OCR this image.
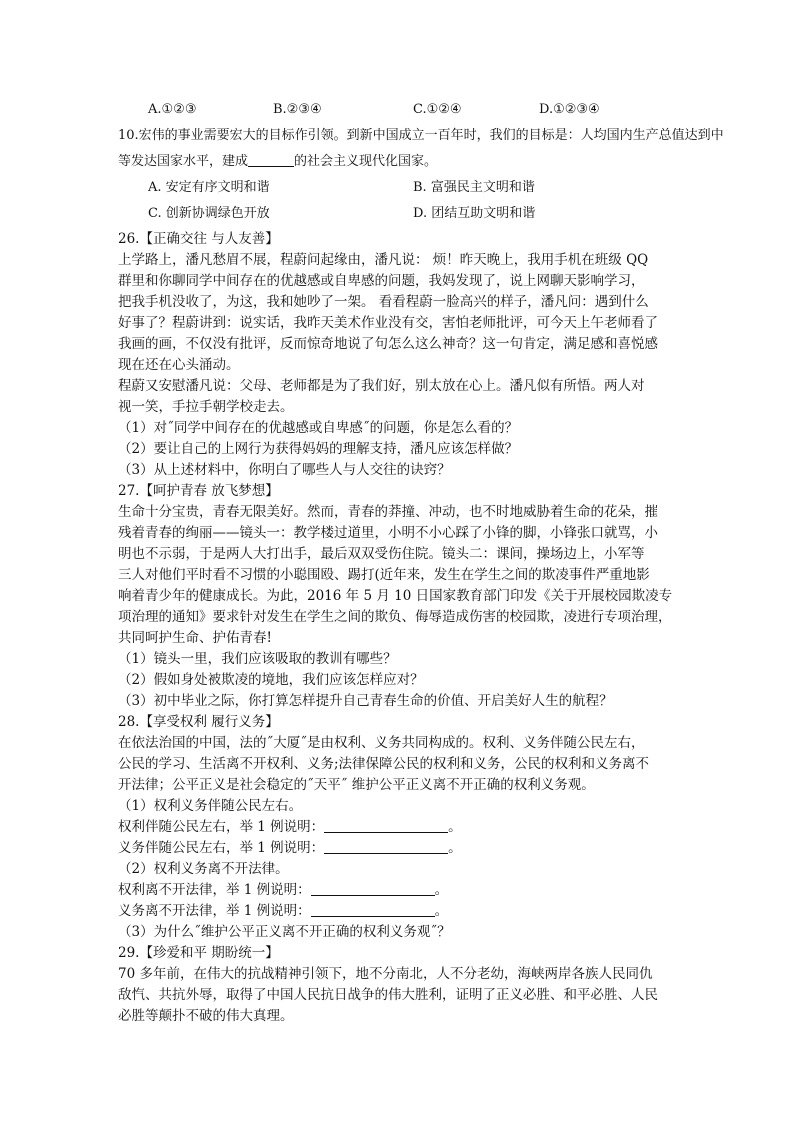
A.①②③	B.②③④	C.①②④	D.①②③④
10.宏伟的事业需要宏大的目标作引领。到新中国成立一百年时，我们的目标是：人均国内生产总值达到中
等发达国家水平，建成	的社会主义现代化国家。
A. 安定有序文明和谐	B. 富强民主文明和谐
C. 创新协调绿色开放	D. 团结互助文明和谐
26.【正确交往 与人友善】
上学路上，潘凡愁眉不展，程蔚问起缘由，潘凡说： 烦！昨天晚上，我用手机在班级 QQ
群里和你聊同学中间存在的优越感或自卑感的问题，我妈发现了，说上网聊天影响学习，
把我手机没收了，为这，我和她吵了一架。 看看程蔚一脸高兴的样子，潘凡问：遇到什么
好事了？程蔚讲到：说实话，我昨天美术作业没有交，害怕老师批评，可今天上午老师看了
我画的画，不仅没有批评，反而惊奇地说了句怎么这么神奇？这一句肯定，满足感和喜悦感
现在还在心头涌动。
程蔚又安慰潘凡说：父母、老师都是为了我们好，别太放在心上。潘凡似有所悟。两人对
视一笑，手拉手朝学校走去。
（1）对˝同学中间存在的优越感或自卑感˝的问题，你是怎么看的？
（2）要让自己的上网行为获得妈妈的理解支持，潘凡应该怎样做？
（3）从上述材料中，你明白了哪些人与人交往的诀窍？
27.【呵护青春 放飞梦想】
生命十分宝贵，青春无限美好。然而，青春的莽撞、冲动，也不时地威胁着生命的花朵，摧
残着青春的绚丽——镜头一：教学楼过道里，小明不小心踩了小锋的脚，小锋张口就骂，小
明也不示弱，于是两人大打出手，最后双双受伤住院。镜头二：课间，操场边上，小军等
三人对他们平时看不习惯的小聪围殴、踢打(近年来，发生在学生之间的欺凌事件严重地影
响着青少年的健康成长。为此，2016 年 5 月 10 日国家教育部门印发《关于开展校园欺凌专
项治理的通知》要求针对发生在学生之间的欺负、侮辱造成伤害的校园欺，凌进行专项治理，
共同呵护生命、护佑青春!
（1）镜头一里，我们应该吸取的教训有哪些？
（2）假如身处被欺凌的境地，我们应该怎样应对？
（3）初中毕业之际，你打算怎样提升自己青春生命的价值、开启美好人生的航程？
28.【享受权利 履行义务】
在依法治国的中国，法的˝大厦˝是由权利、义务共同构成的。权利、义务伴随公民左右，
公民的学习、生活离不开权利、义务;法律保障公民的权利和义务，公民的权利和义务离不
开法律；公平正义是社会稳定的˝天平˝ 维护公平正义离不开正确的权利义务观。
（1）权利义务伴随公民左右。
权利伴随公民左右，举 1 例说明：	。
义务伴随公民左右，举 1 例说明：	。
（2）权利义务离不开法律。
权利离不开法律，举 1 例说明：	。
义务离不开法律，举 1 例说明：	。
（3）为什么˝维护公平正义离不开正确的权利义务观˝？
29.【珍爱和平 期盼统一】
70 多年前，在伟大的抗战精神引领下，地不分南北，人不分老幼，海峡两岸各族人民同仇
敌忾、共抗外辱，取得了中国人民抗日战争的伟大胜利，证明了正义必胜、和平必胜、人民
必胜等颠扑不破的伟大真理。
